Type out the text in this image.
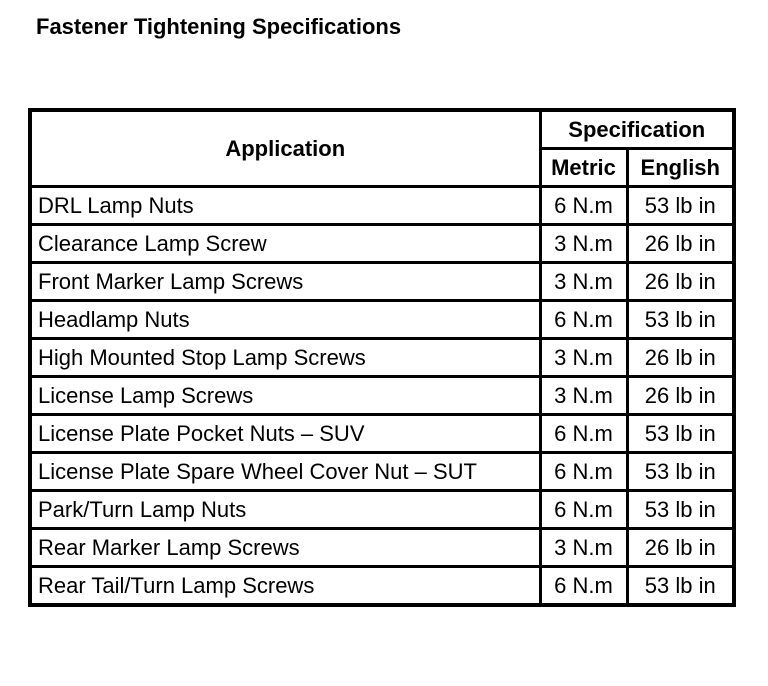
Fastener Tightening Specifications
Application	Specification	
	Metric	English
DRL Lamp Nuts	6 N.m	53 lb in
Clearance Lamp Screw	3 N.m	26 lb in
Front Marker Lamp Screws	3 N.m	26 lb in
Headlamp Nuts	6 N.m	53 lb in
High Mounted Stop Lamp Screws	3 N.m	26 lb in
License Lamp Screws	3 N.m	26 lb in
License Plate Pocket Nuts – SUV	6 N.m	53 lb in
License Plate Spare Wheel Cover Nut – SUT	6 N.m	53 lb in
Park/Turn Lamp Nuts	6 N.m	53 lb in
Rear Marker Lamp Screws	3 N.m	26 lb in
Rear Tail/Turn Lamp Screws	6 N.m	53 lb in
